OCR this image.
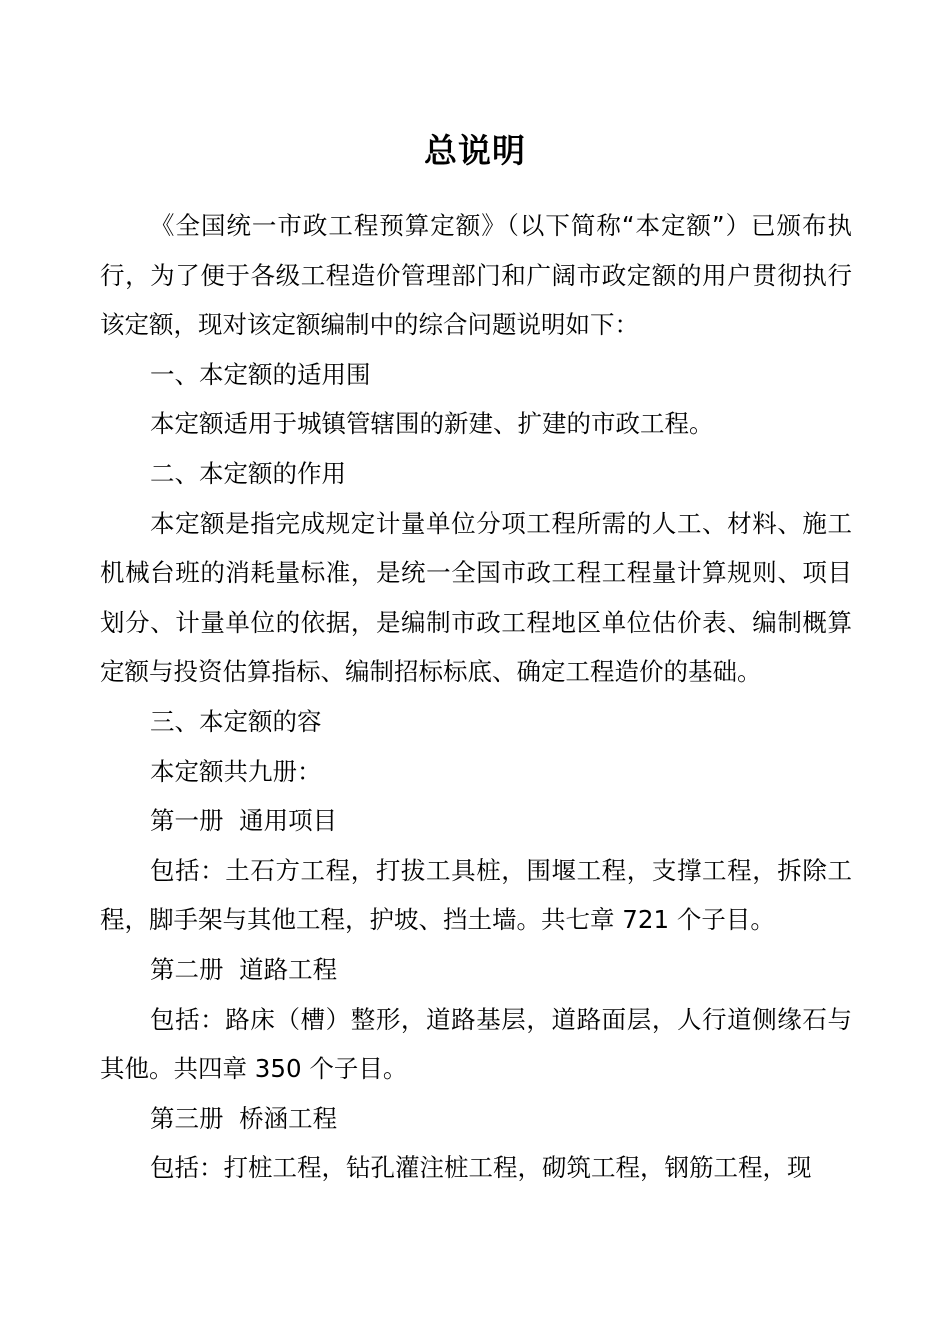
总说明

《全国统一市政工程预算定额》（以下简称“本定额”）已颁布执行，为了便于各级工程造价管理部门和广阔市政定额的用户贯彻执行该定额，现对该定额编制中的综合问题说明如下：

一、本定额的适用围

本定额适用于城镇管辖围的新建、扩建的市政工程。

二、本定额的作用

本定额是指完成规定计量单位分项工程所需的人工、材料、施工机械台班的消耗量标准，是统一全国市政工程工程量计算规则、项目划分、计量单位的依据，是编制市政工程地区单位估价表、编制概算定额与投资估算指标、编制招标标底、确定工程造价的基础。

三、本定额的容

本定额共九册：

第一册  通用项目

包括：土石方工程，打拔工具桩，围堰工程，支撑工程，拆除工程，脚手架与其他工程，护坡、挡土墙。共七章 721 个子目。

第二册  道路工程

包括：路床（槽）整形，道路基层，道路面层，人行道侧缘石与其他。共四章 350 个子目。

第三册  桥涵工程

包括：打桩工程，钻孔灌注桩工程，砌筑工程，钢筋工程，现
